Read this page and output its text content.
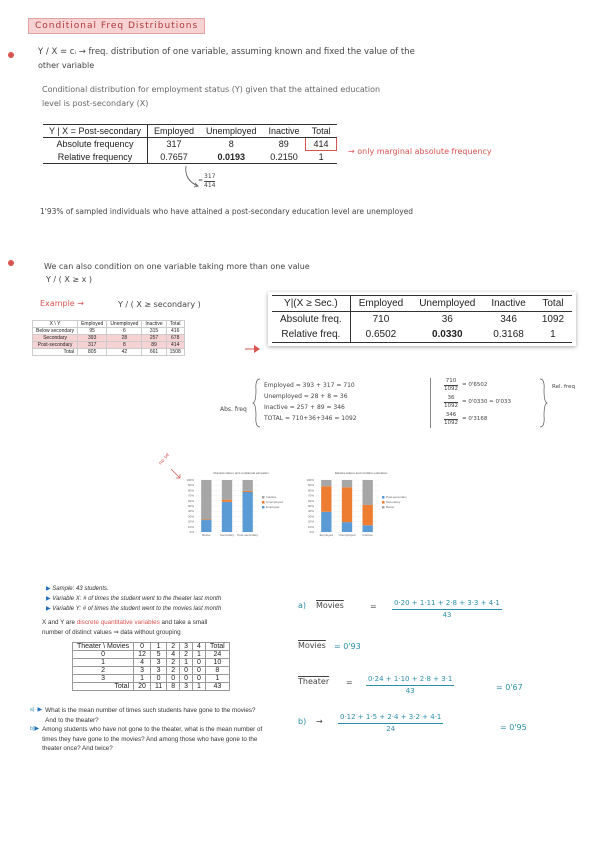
Conditional Freq Distributions
Y / X = cᵢ → freq. distribution of one variable, assuming known and fixed the value of the
other variable
Conditional distribution for employment status (Y) given that the attained education
level is post-secondary (X)
Y | X = Post-secondary	Employed	Unemployed	Inactive	Total
Absolute frequency	317	8	89	414
Relative frequency	0.7657	0.0193	0.2150	1
→ only marginal absolute frequency
=
317
414
1'93% of sampled individuals who have attained a post-secondary education level are unemployed
We can also condition on one variable taking more than one value
Y / ( X ≥ x )
Example →	Y / ( X ≥ secondary )
X \ Y	Employed	Unemployed	Inactive	Total
Below secondary	95	6	315	416
Secondary	393	28	257	678
Post-secondary	317	8	89	414
Total	805	42	661	1508
Y|(X ≥ Sec.)	Employed	Unemployed	Inactive	Total
Absolute freq.	710	36	346	1092
Relative freq.	0.6502	0.0330	0.3168	1
Abs. freq
Employed = 393 + 317 = 710
Unemployed = 28 + 8 = 36
Inactive = 257 + 89 = 346
TOTAL = 710+36+346 = 1092
$\frac{710}{1092} = 0'6502$
$\frac{36}{1092} = 0'0330$ ≃ 0'033
$\frac{346}{1092} = 0'3168$
Rel. freq
no se
Absolute labour and conditional education
100%
90%
80%
70%
60%
50%
40%
30%
20%
10%
0%
Below	Secondary Post-secondary
Inactive
Unemployed
Employed
Relative labour and condition education
100%
90%
80%
70%
60%
50%
40%
30%
20%
10%
0%
Employed Unemployed Inactive
Post-secondary
Secondary
Below
▶ Sample: 43 students.
▶ Variable X: # of times the student went to the theater last month
▶ Variable Y: # of times the student went to the movies last month
X and Y are discrete quantitative variables and take a small
number of distinct values ⇒ data without grouping
Theater \ Movies	0	1	2	3	4	Total
0	12	5	4	2	1	24
1	4	3	2	1	0	10
2	3	3	2	0	0	8
3	1	0	0	0	0	1
Total	20	11	8	3	1	43
a) ▶ What is the mean number of times such students have gone to the movies? And to the theater?
b) ▶ Among students who have not gone to the theater, what is the mean number of times they have gone to the movies? And among those who have gone to the theater once? And twice?
a) Movies	= 0·20 + 1·11 + 2·8 + 3·3 + 4·1
43
Movies = 0'93
Theater = 0·24 + 1·10 + 2·8 + 3·1
43	= 0'67
b) → 0·12 + 1·5 + 2·4 + 3·2 + 4·1
24	= 0'95
